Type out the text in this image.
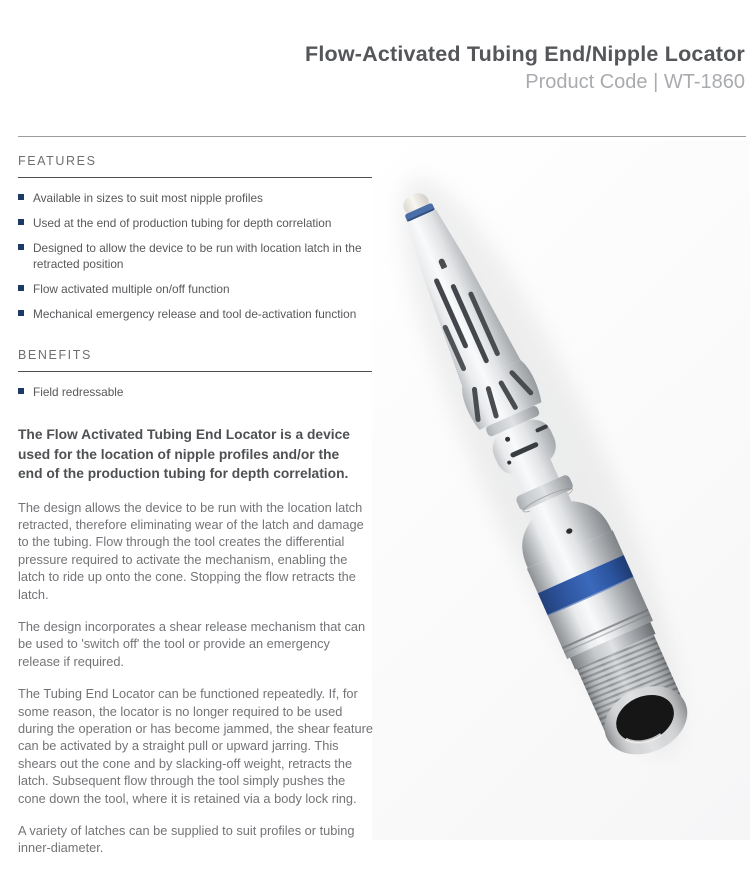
Flow-Activated Tubing End/Nipple Locator
Product Code | WT-1860
FEATURES
Available in sizes to suit most nipple profiles
Used at the end of production tubing for depth correlation
Designed to allow the device to be run with location latch in the retracted position
Flow activated multiple on/off function
Mechanical emergency release and tool de-activation function
BENEFITS
Field redressable

The Flow Activated Tubing End Locator is a device used for the location of nipple profiles and/or the end of the production tubing for depth correlation.

The design allows the device to be run with the location latch retracted, therefore eliminating wear of the latch and damage to the tubing. Flow through the tool creates the differential pressure required to activate the mechanism, enabling the latch to ride up onto the cone. Stopping the flow retracts the latch.

The design incorporates a shear release mechanism that can be used to 'switch off' the tool or provide an emergency release if required.

The Tubing End Locator can be functioned repeatedly. If, for some reason, the locator is no longer required to be used during the operation or has become jammed, the shear feature can be activated by a straight pull or upward jarring. This shears out the cone and by slacking-off weight, retracts the latch. Subsequent flow through the tool simply pushes the cone down the tool, where it is retained via a body lock ring.

A variety of latches can be supplied to suit profiles or tubing inner-diameter.
